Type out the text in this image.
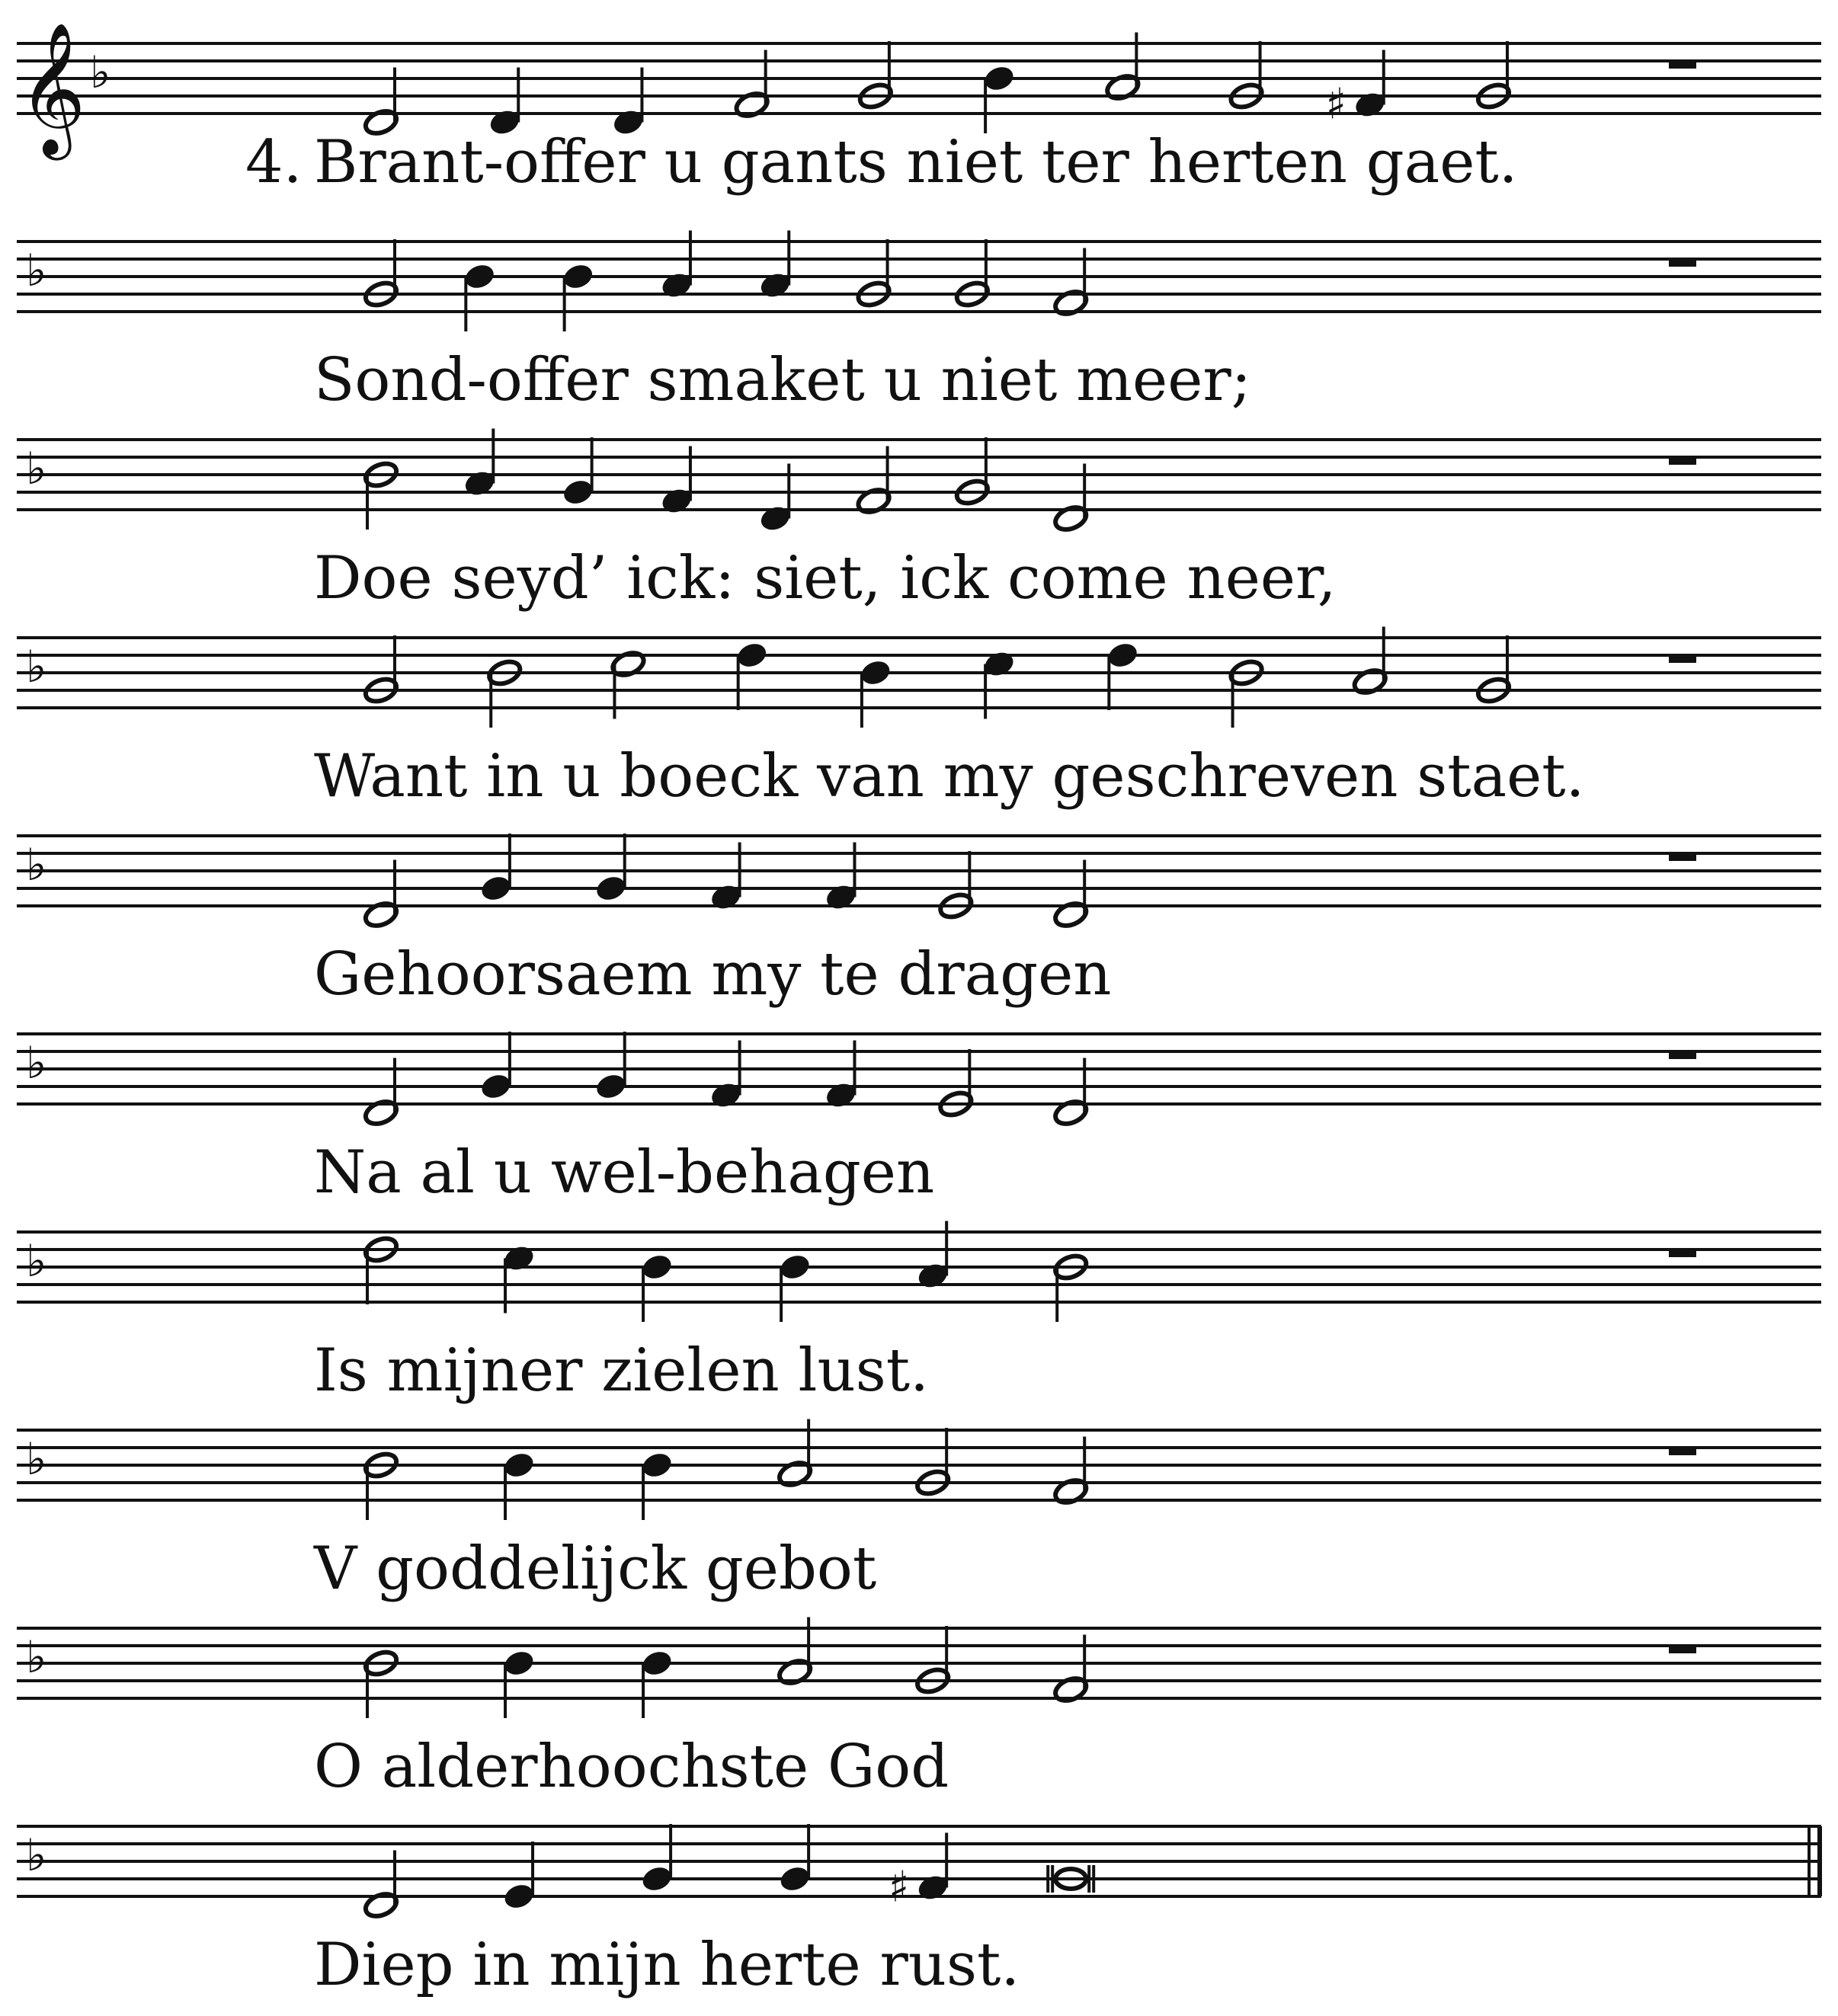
𝄞 ♭
♯
4. Brant-offer u gants niet ter herten gaet.
♭
Sond-offer smaket u niet meer;
♭
Doe seyd’ ick: siet, ick come neer,
♭
Want in u boeck van my geschreven staet.
♭
Gehoorsaem my te dragen
♭
Na al u wel-behagen
♭
Is mijner zielen lust.
♭
V goddelijck gebot
♭
O alderhoochste God
♭
♯
Diep in mijn herte rust.
